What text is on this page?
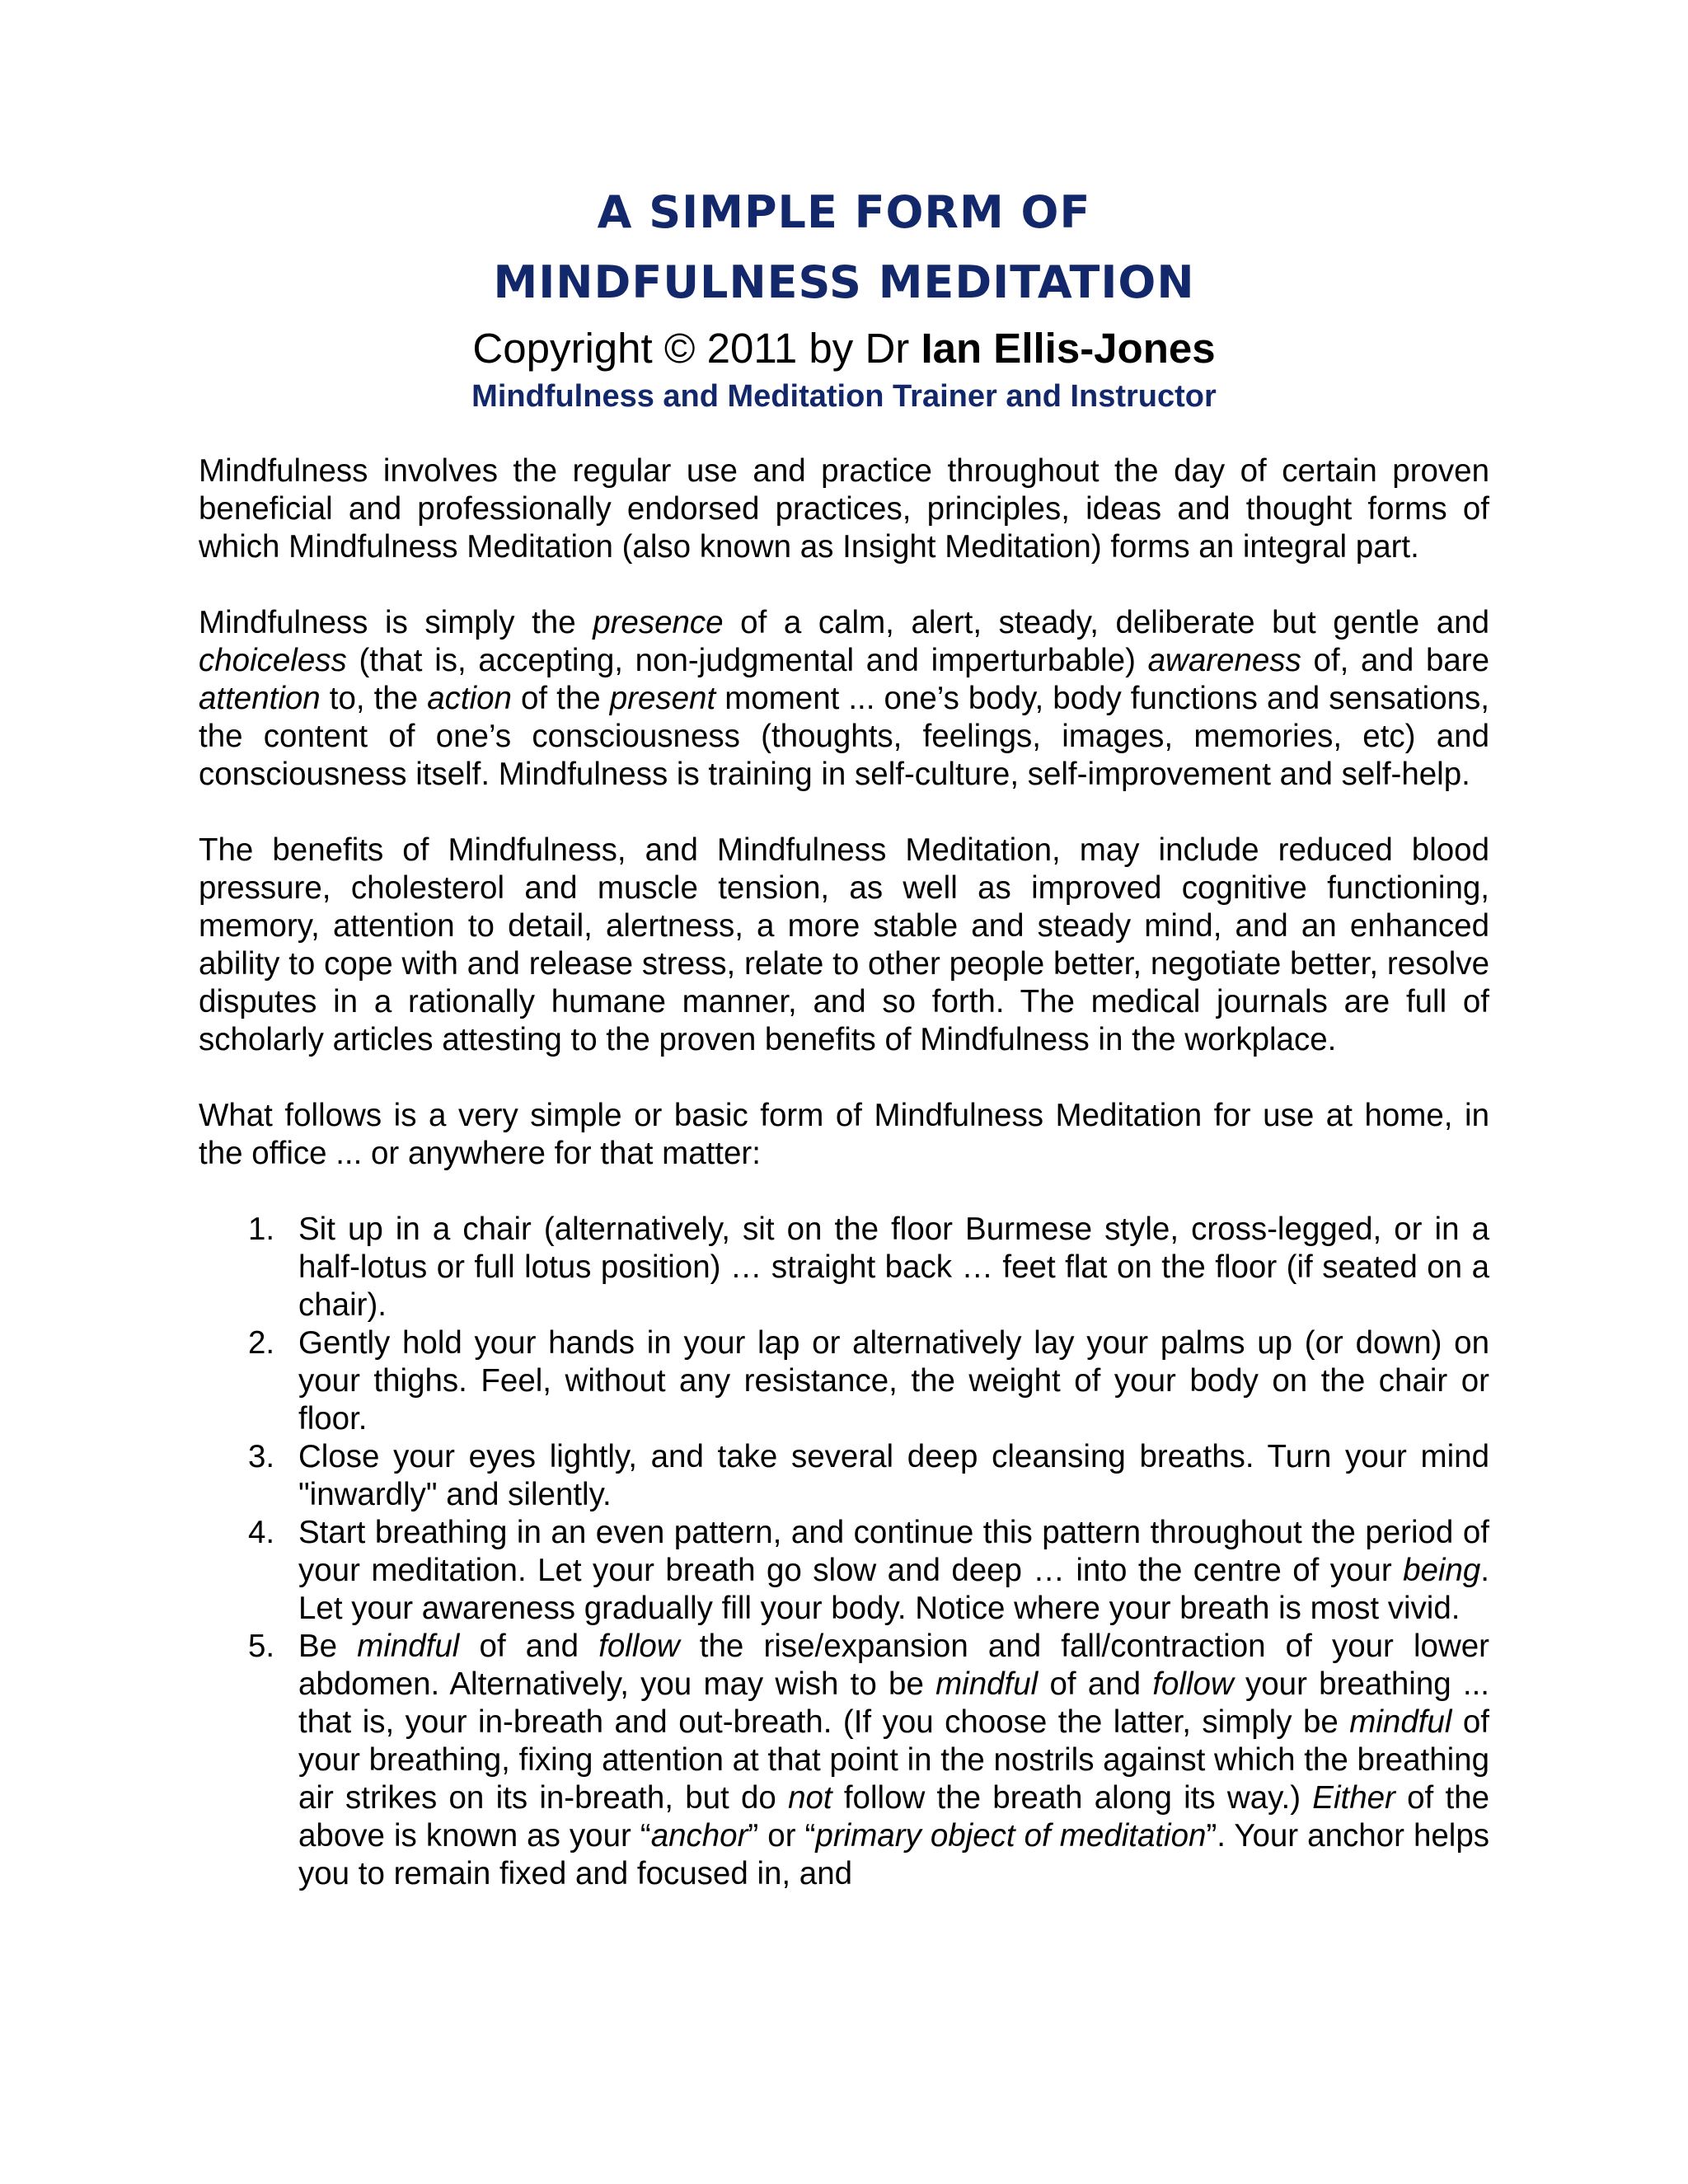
A SIMPLE FORM OF
MINDFULNESS MEDITATION
Copyright © 2011 by Dr Ian Ellis-Jones
Mindfulness and Meditation Trainer and Instructor

Mindfulness involves the regular use and practice throughout the day of certain proven beneficial and professionally endorsed practices, principles, ideas and thought forms of which Mindfulness Meditation (also known as Insight Meditation) forms an integral part.

Mindfulness is simply the presence of a calm, alert, steady, deliberate but gentle and choiceless (that is, accepting, non-judgmental and imperturbable) awareness of, and bare attention to, the action of the present moment ... one’s body, body functions and sensations, the content of one’s consciousness (thoughts, feelings, images, memories, etc) and consciousness itself. Mindfulness is training in self-culture, self-improvement and self-help.

The benefits of Mindfulness, and Mindfulness Meditation, may include reduced blood pressure, cholesterol and muscle tension, as well as improved cognitive functioning, memory, attention to detail, alertness, a more stable and steady mind, and an enhanced ability to cope with and release stress, relate to other people better, negotiate better, resolve disputes in a rationally humane manner, and so forth. The medical journals are full of scholarly articles attesting to the proven benefits of Mindfulness in the workplace.

What follows is a very simple or basic form of Mindfulness Meditation for use at home, in the office ... or anywhere for that matter:

1. Sit up in a chair (alternatively, sit on the floor Burmese style, cross-legged, or in a half-lotus or full lotus position) … straight back … feet flat on the floor (if seated on a chair).
2. Gently hold your hands in your lap or alternatively lay your palms up (or down) on your thighs. Feel, without any resistance, the weight of your body on the chair or floor.
3. Close your eyes lightly, and take several deep cleansing breaths. Turn your mind "inwardly" and silently.
4. Start breathing in an even pattern, and continue this pattern throughout the period of your meditation. Let your breath go slow and deep … into the centre of your being. Let your awareness gradually fill your body. Notice where your breath is most vivid.
5. Be mindful of and follow the rise/expansion and fall/contraction of your lower abdomen. Alternatively, you may wish to be mindful of and follow your breathing ... that is, your in-breath and out-breath. (If you choose the latter, simply be mindful of your breathing, fixing attention at that point in the nostrils against which the breathing air strikes on its in-breath, but do not follow the breath along its way.) Either of the above is known as your “anchor” or “primary object of meditation”. Your anchor helps you to remain fixed and focused in, and
